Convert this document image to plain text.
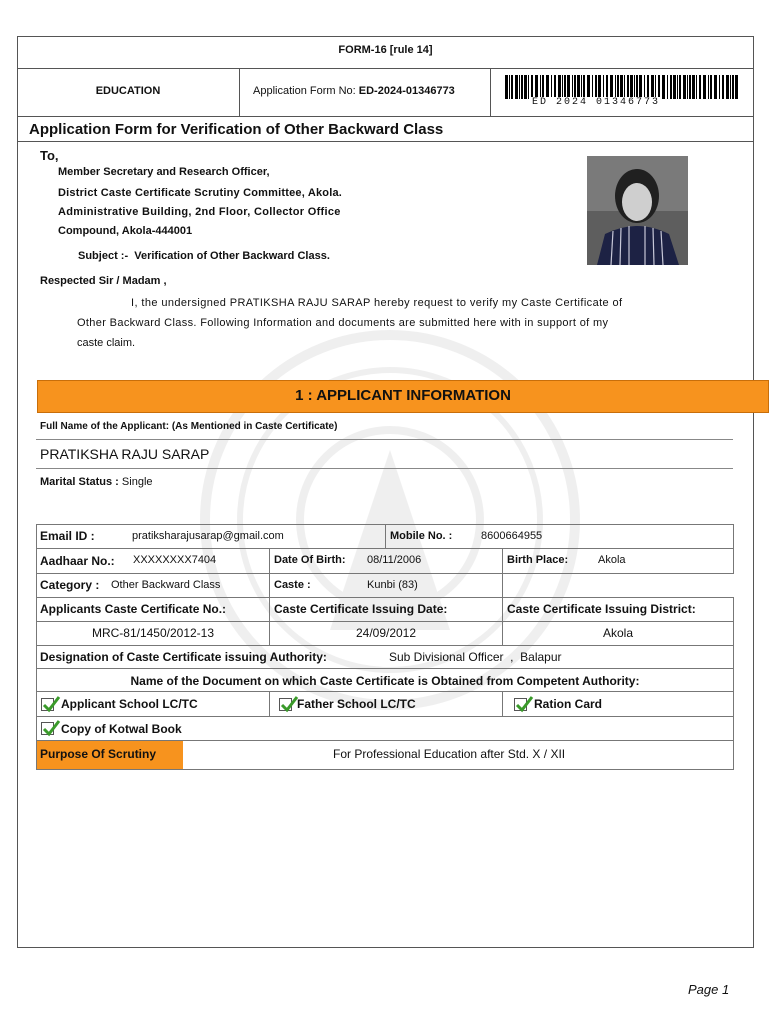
FORM-16 [rule 14]
EDUCATION	Application Form No: ED-2024-01346773
ED 2024 01346773
Application Form for Verification of Other Backward Class
To,
Member Secretary and Research Officer,
District Caste Certificate Scrutiny Committee, Akola.
Administrative Building, 2nd Floor, Collector Office
Compound, Akola-444001
Subject :- Verification of Other Backward Class.
Respected Sir / Madam ,
I, the undersigned PRATIKSHA RAJU SARAP hereby request to verify my Caste Certificate of
Other Backward Class. Following Information and documents are submitted here with in support of my
caste claim.
1 : APPLICANT INFORMATION
Full Name of the Applicant: (As Mentioned in Caste Certificate)
PRATIKSHA RAJU SARAP
Marital Status : Single
Email ID :	pratiksharajusarap@gmail.com	Mobile No. :	8600664955
Aadhaar No.: XXXXXXXX7404	Date Of Birth: 08/11/2006	Birth Place:	Akola
Category : Other Backward Class	Caste :	Kunbi (83)
Applicants Caste Certificate No.:	Caste Certificate Issuing Date:	Caste Certificate Issuing District:
MRC-81/1450/2012-13	24/09/2012	Akola
Designation of Caste Certificate issuing Authority:	Sub Divisional Officer  ,  Balapur
Name of the Document on which Caste Certificate is Obtained from Competent Authority:
Applicant School LC/TC	Father School LC/TC	Ration Card
Copy of Kotwal Book
Purpose Of Scrutiny	For Professional Education after Std. X / XII
Page 1
